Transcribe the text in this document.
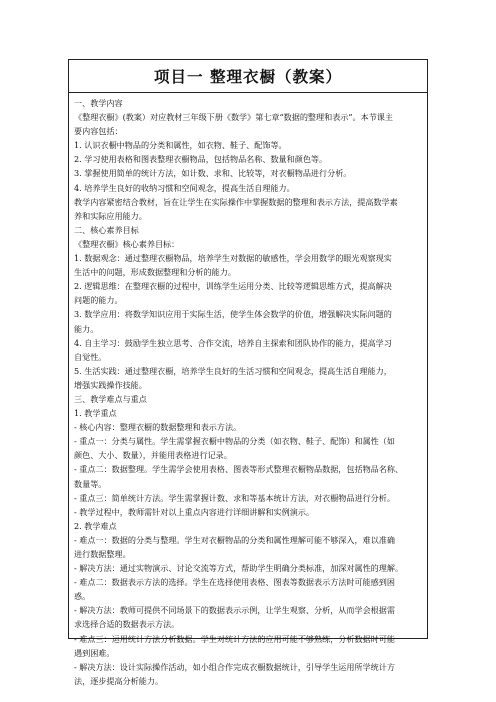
项目一 整理衣橱（教案）
一、教学内容
《整理衣橱》(教案）对应教材三年级下册《数学》第七章“数据的整理和表示”。本节课主
要内容包括：
1. 认识衣橱中物品的分类和属性，如衣物、鞋子、配饰等。
2. 学习使用表格和图表整理衣橱物品，包括物品名称、数量和颜色等。
3. 掌握使用简单的统计方法，如计数、求和、比较等，对衣橱物品进行分析。
4. 培养学生良好的收纳习惯和空间观念，提高生活自理能力。
教学内容紧密结合教材，旨在让学生在实际操作中掌握数据的整理和表示方法，提高数学素
养和实际应用能力。
二、核心素养目标
《整理衣橱》核心素养目标：
1. 数据观念：通过整理衣橱物品，培养学生对数据的敏感性，学会用数学的眼光观察现实
生活中的问题，形成数据整理和分析的能力。
2. 逻辑思维：在整理衣橱的过程中，训练学生运用分类、比较等逻辑思维方式，提高解决
问题的能力。
3. 数学应用：将数学知识应用于实际生活，使学生体会数学的价值，增强解决实际问题的
能力。
4. 自主学习：鼓励学生独立思考、合作交流，培养自主探索和团队协作的能力，提高学习
自觉性。
5. 生活实践：通过整理衣橱，培养学生良好的生活习惯和空间观念，提高生活自理能力，
增强实践操作技能。
三、教学难点与重点
1. 教学重点
- 核心内容：整理衣橱的数据整理和表示方法。
- 重点一：分类与属性。学生需掌握衣橱中物品的分类（如衣物、鞋子、配饰）和属性（如
颜色、大小、数量），并能用表格进行记录。
- 重点二：数据整理。学生需学会使用表格、图表等形式整理衣橱物品数据，包括物品名称、
数量等。
- 重点三：简单统计方法。学生需掌握计数、求和等基本统计方法，对衣橱物品进行分析。
- 教学过程中，教师需针对以上重点内容进行详细讲解和实例演示。
2. 教学难点
- 难点一：数据的分类与整理。学生对衣橱物品的分类和属性理解可能不够深入，难以准确
进行数据整理。
- 解决方法：通过实物演示、讨论交流等方式，帮助学生明确分类标准，加深对属性的理解。
- 难点二：数据表示方法的选择。学生在选择使用表格、图表等数据表示方法时可能感到困
惑。
- 解决方法：教师可提供不同场景下的数据表示示例，让学生观察、分析，从而学会根据需
求选择合适的数据表示方法。
- 难点三：运用统计方法分析数据。学生对统计方法的应用可能不够熟练，分析数据时可能
遇到困难。
- 解决方法：设计实际操作活动，如小组合作完成衣橱数据统计，引导学生运用所学统计方
法，逐步提高分析能力。
